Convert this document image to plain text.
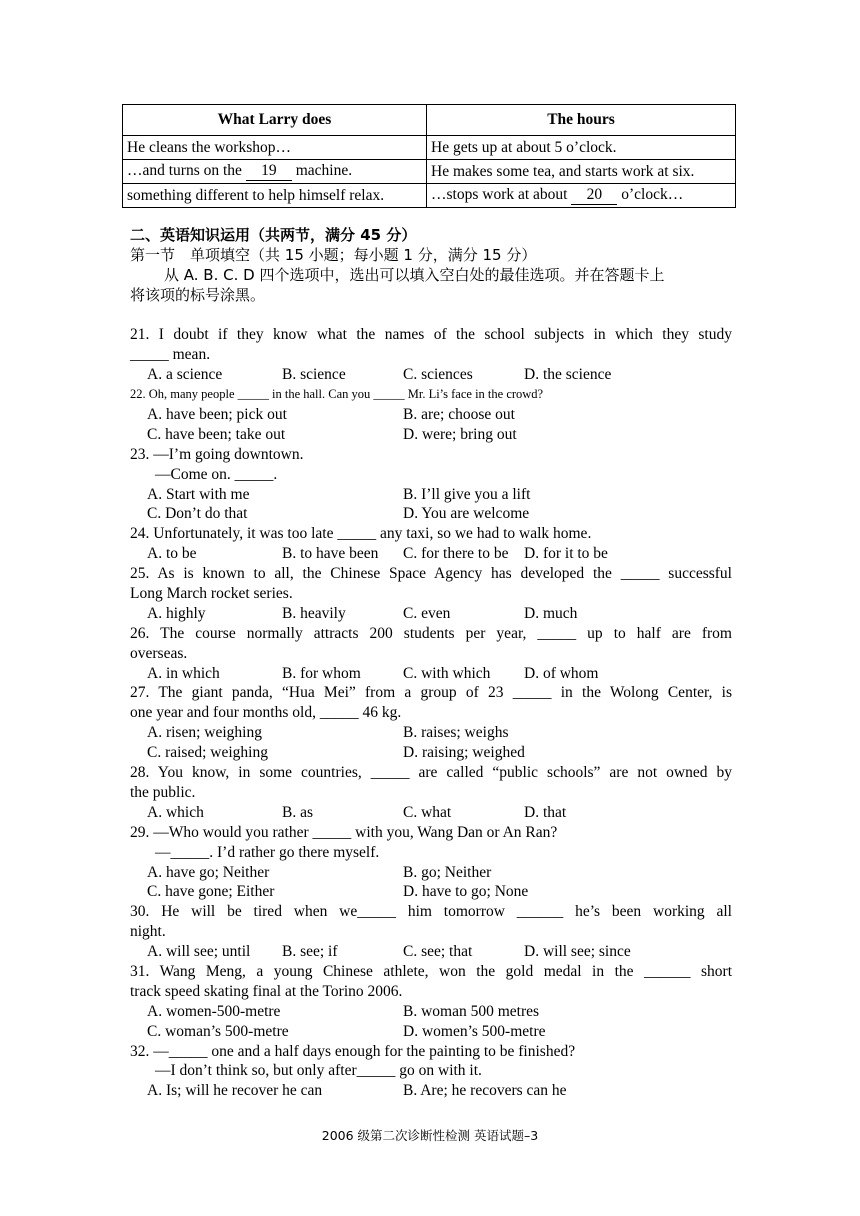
What Larry does	The hours
He cleans the workshop…	He gets up at about 5 o’clock.
…and turns on the 19 machine.	He makes some tea, and starts work at six.
something different to help himself relax.	…stops work at about 20 o’clock…
二、英语知识运用（共两节，满分 45 分）
第一节　单项填空（共 15 小题；每小题 1 分，满分 15 分）
从 A. B. C. D 四个选项中，选出可以填入空白处的最佳选项。并在答题卡上
将该项的标号涂黑。
21. I doubt if they know what the names of the school subjects in which they study
_____ mean.
A. a science	B. science	C. sciences	D. the science
22. Oh, many people _____ in the hall. Can you _____ Mr. Li’s face in the crowd?
A. have been; pick out	B. are; choose out
C. have been; take out	D. were; bring out
23. —I’m going downtown.
—Come on. _____.
A. Start with me	B. I’ll give you a lift
C. Don’t do that	D. You are welcome
24. Unfortunately, it was too late _____ any taxi, so we had to walk home.
A. to be	B. to have been C. for there to be D. for it to be
25. As is known to all, the Chinese Space Agency has developed the _____ successful
Long March rocket series.
A. highly	B. heavily	C. even	D. much
26. The course normally attracts 200 students per year, _____ up to half are from
overseas.
A. in which	B. for whom	C. with which D. of whom
27. The giant panda, “Hua Mei” from a group of 23 _____ in the Wolong Center, is
one year and four months old, _____ 46 kg.
A. risen; weighing	B. raises; weighs
C. raised; weighing	D. raising; weighed
28. You know, in some countries, _____ are called “public schools” are not owned by
the public.
A. which	B. as	C. what	D. that
29. —Who would you rather _____ with you, Wang Dan or An Ran?
—_____. I’d rather go there myself.
A. have go; Neither	B. go; Neither
C. have gone; Either	D. have to go; None
30. He will be tired when we_____ him tomorrow ______ he’s been working all
night.
A. will see; until B. see; if	C. see; that	D. will see; since
31. Wang Meng, a young Chinese athlete, won the gold medal in the ______ short
track speed skating final at the Torino 2006.
A. women-500-metre	B. woman 500 metres
C. woman’s 500-metre	D. women’s 500-metre
32. —_____ one and a half days enough for the painting to be finished?
—I don’t think so, but only after_____ go on with it.
A. Is; will he recover he can	B. Are; he recovers can he
2006 级第二次诊断性检测 英语试题–3
